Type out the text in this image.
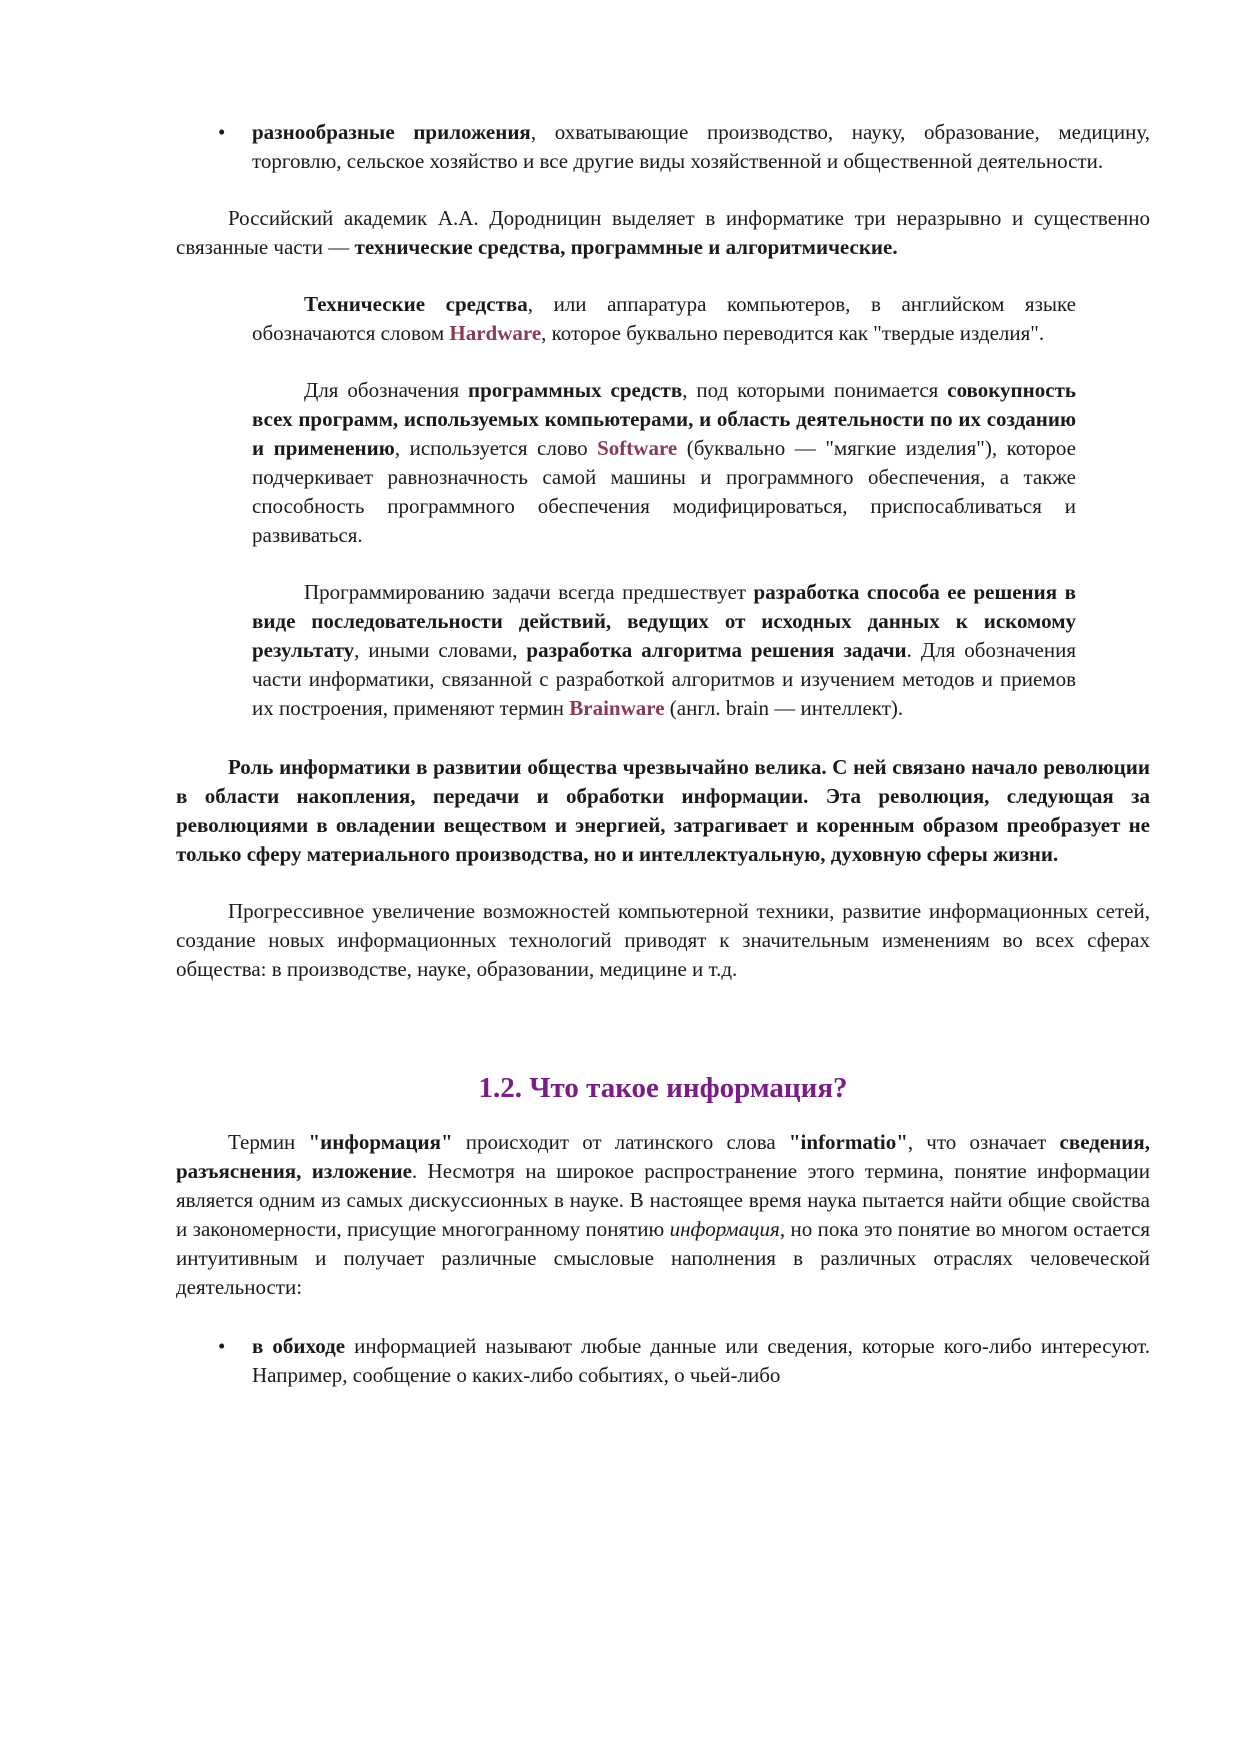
• разнообразные приложения, охватывающие производство, науку, образование, медицину, торговлю, сельское хозяйство и все другие виды хозяйственной и общественной деятельности.

Российский академик А.А. Дородницин выделяет в информатике три неразрывно и существенно связанные части — технические средства, программные и алгоритмические.

Технические средства, или аппаратура компьютеров, в английском языке обозначаются словом Hardware, которое буквально переводится как "твердые изделия".

Для обозначения программных средств, под которыми понимается совокупность всех программ, используемых компьютерами, и область деятельности по их созданию и применению, используется слово Software (буквально — "мягкие изделия"), которое подчеркивает равнозначность самой машины и программного обеспечения, а также способность программного обеспечения модифицироваться, приспосабливаться и развиваться.

Программированию задачи всегда предшествует разработка способа ее решения в виде последовательности действий, ведущих от исходных данных к искомому результату, иными словами, разработка алгоритма решения задачи. Для обозначения части информатики, связанной с разработкой алгоритмов и изучением методов и приемов их построения, применяют термин Brainware (англ. brain — интеллект).

Роль информатики в развитии общества чрезвычайно велика. С ней связано начало революции в области накопления, передачи и обработки информации. Эта революция, следующая за революциями в овладении веществом и энергией, затрагивает и коренным образом преобразует не только сферу материального производства, но и интеллектуальную, духовную сферы жизни.

Прогрессивное увеличение возможностей компьютерной техники, развитие информационных сетей, создание новых информационных технологий приводят к значительным изменениям во всех сферах общества: в производстве, науке, образовании, медицине и т.д.

1.2. Что такое информация?

Термин "информация" происходит от латинского слова "informatio", что означает сведения, разъяснения, изложение. Несмотря на широкое распространение этого термина, понятие информации является одним из самых дискуссионных в науке. В настоящее время наука пытается найти общие свойства и закономерности, присущие многогранному понятию информация, но пока это понятие во многом остается интуитивным и получает различные смысловые наполнения в различных отраслях человеческой деятельности:

• в обиходе информацией называют любые данные или сведения, которые кого-либо интересуют. Например, сообщение о каких-либо событиях, о чьей-либо
